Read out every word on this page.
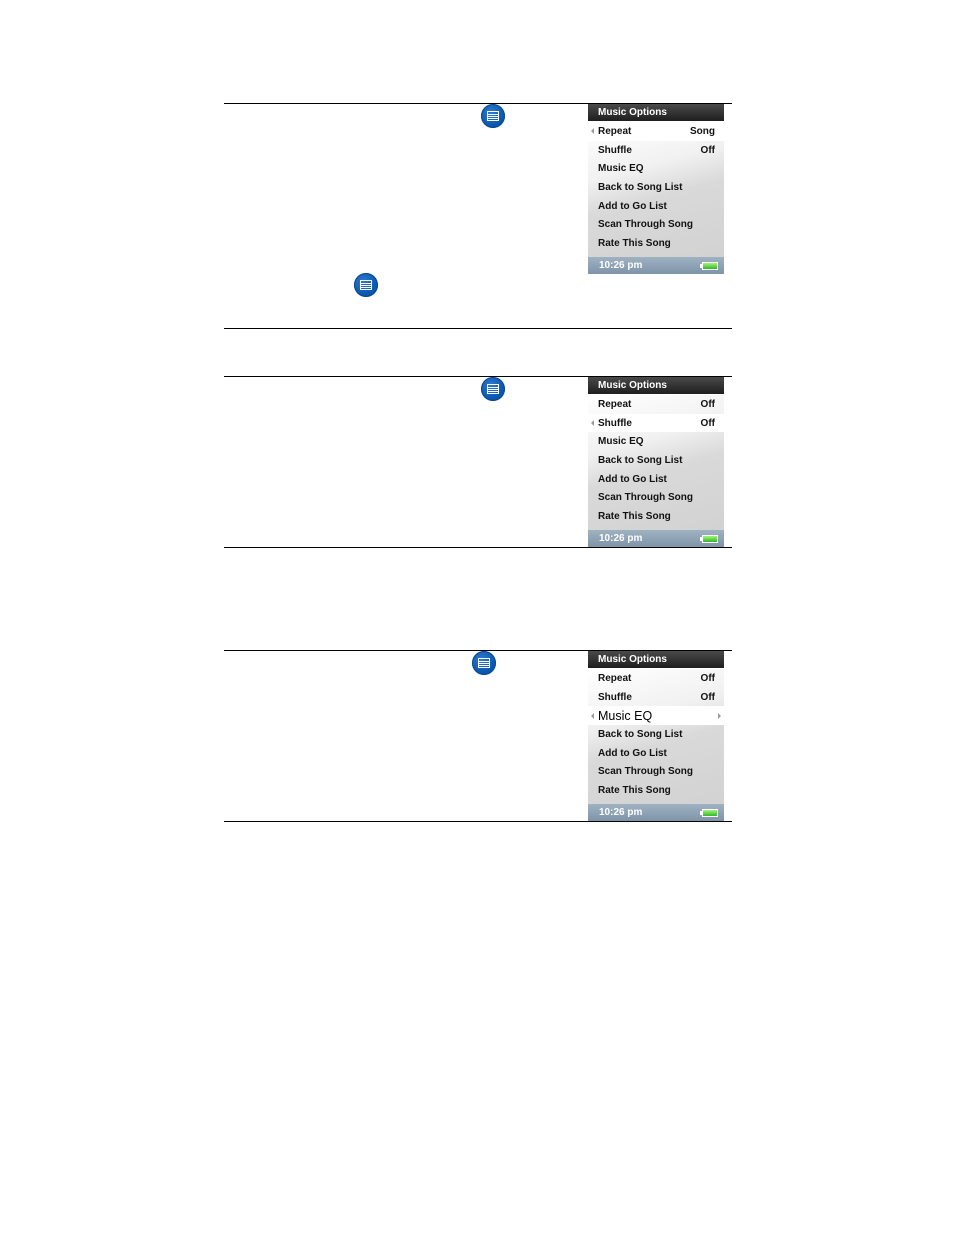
Music Options
Repeat	Song
Shuffle	Off
Music EQ
Back to Song List
Add to Go List
Scan Through Song
Rate This Song
10:26 pm
Music Options
Repeat	Off
Shuffle	Off
Music EQ
Back to Song List
Add to Go List
Scan Through Song
Rate This Song
10:26 pm
Music Options
Repeat	Off
Shuffle	Off
Music EQ
Back to Song List
Add to Go List
Scan Through Song
Rate This Song
10:26 pm
